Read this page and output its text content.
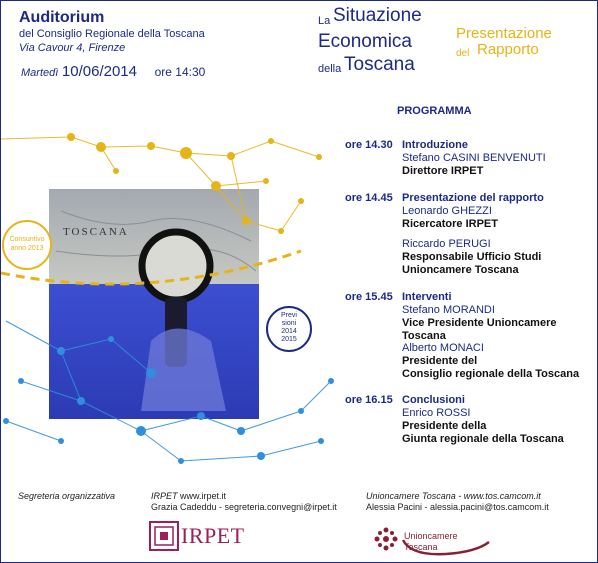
Auditorium
del Consiglio Regionale della Toscana
Via Cavour 4, Firenze
Martedì 10/06/2014 ore 14:30
La Situazione
Economica
della Toscana
Presentazione
del Rapporto
TOSCANA
Consuntivo
anno 2013
Previ
sioni
2014
2015
PROGRAMMA
ore 14.30 Introduzione
Stefano CASINI BENVENUTI
Direttore IRPET
ore 14.45 Presentazione del rapporto
Leonardo GHEZZI
Ricercatore IRPET
Riccardo PERUGI
Responsabile Ufficio Studi
Unioncamere Toscana
ore 15.45 Interventi
Stefano MORANDI
Vice Presidente Unioncamere Toscana
Alberto MONACI
Presidente del
Consiglio regionale della Toscana
ore 16.15 Conclusioni
Enrico ROSSI
Presidente della
Giunta regionale della Toscana
Segreteria organizzativa	IRPET www.irpet.it
Grazia Cadeddu - segreteria.convegni@irpet.it
Unioncamere Toscana - www.tos.camcom.it
Alessia Pacini - alessia.pacini@tos.camcom.it
IRPET	Unioncamere
Toscana
